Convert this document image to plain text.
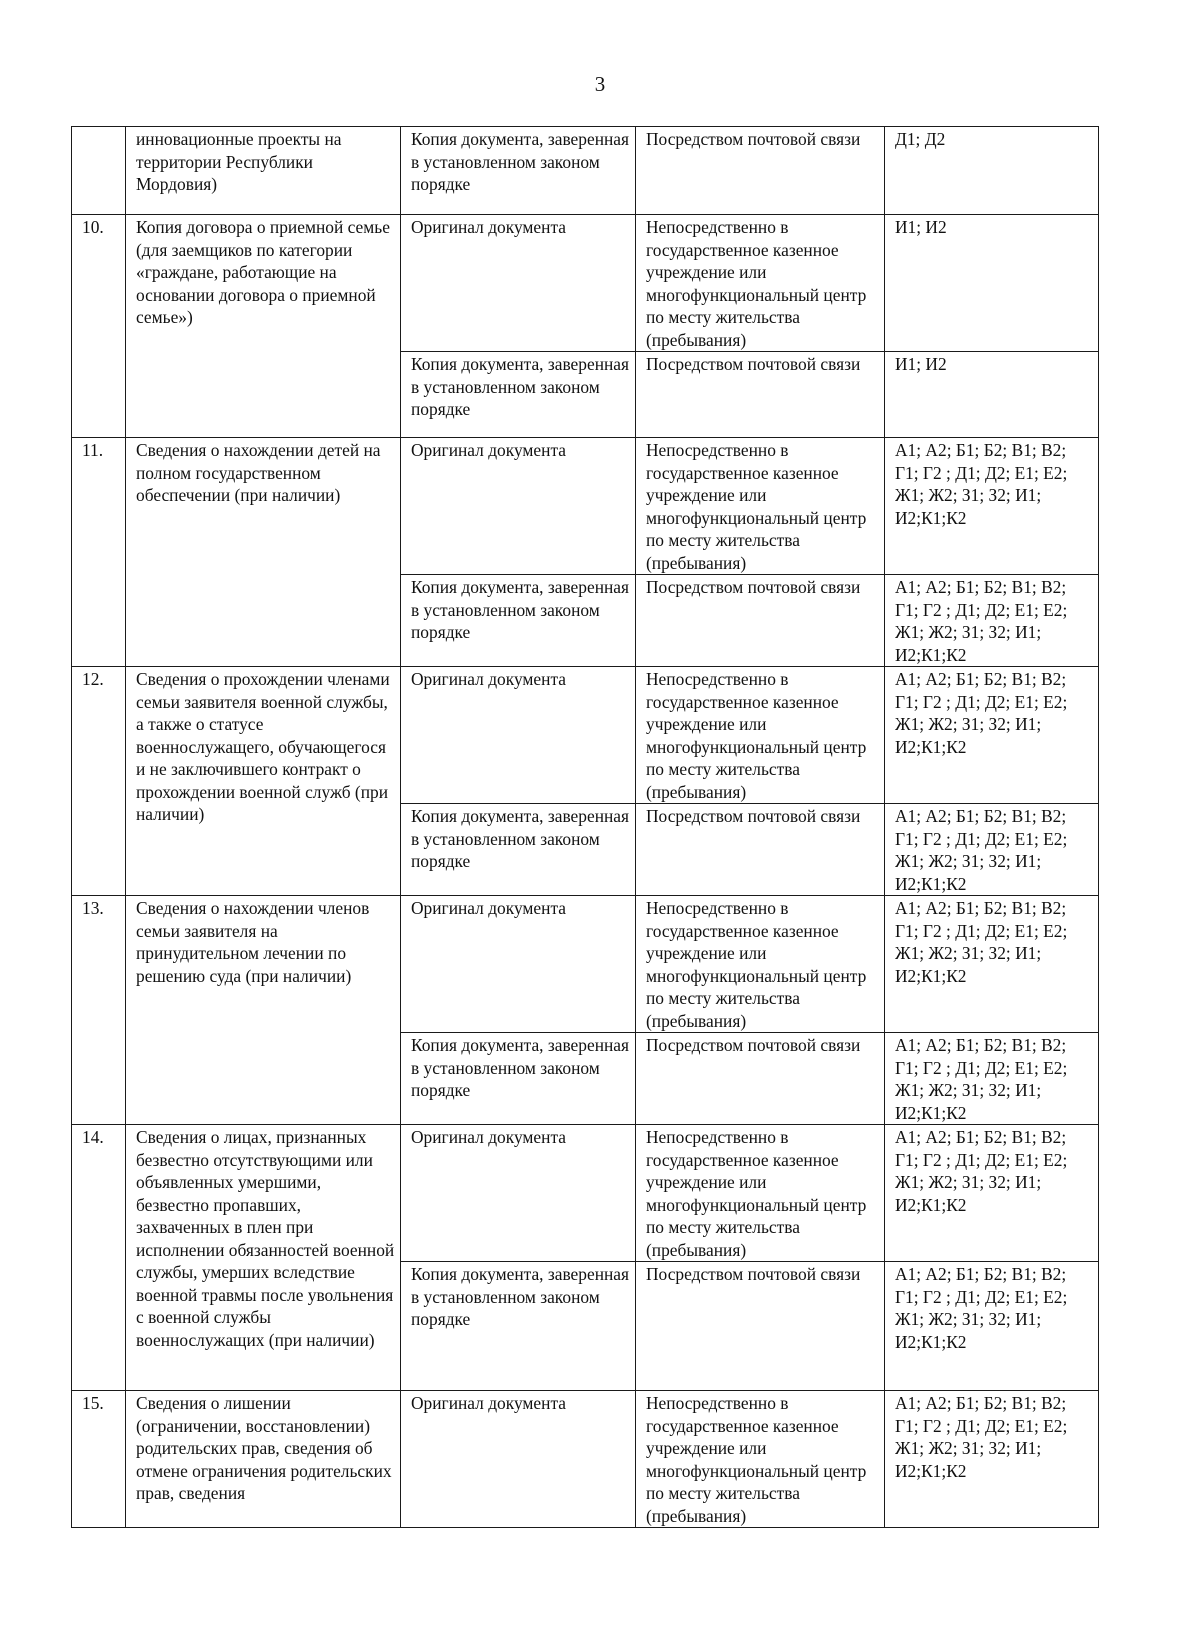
3
	инновационные проекты на территории Республики Мордовия)	Копия документа, заверенная в установленном законом порядке	Посредством почтовой связи	Д1; Д2
10.	Копия договора о приемной семье (для заемщиков по категории «граждане, работающие на основании договора о приемной семье»)	Оригинал документа	Непосредственно в государственное казенное учреждение или многофункциональный центр по месту жительства (пребывания)	И1; И2
		Копия документа, заверенная в установленном законом порядке	Посредством почтовой связи	И1; И2
11.	Сведения о нахождении детей на полном государственном обеспечении (при наличии)	Оригинал документа	Непосредственно в государственное казенное учреждение или многофункциональный центр по месту жительства (пребывания)	А1; А2; Б1; Б2; В1; В2; Г1; Г2 ; Д1; Д2; Е1; Е2; Ж1; Ж2; З1; З2; И1; И2;К1;К2
		Копия документа, заверенная в установленном законом порядке	Посредством почтовой связи	А1; А2; Б1; Б2; В1; В2; Г1; Г2 ; Д1; Д2; Е1; Е2; Ж1; Ж2; З1; З2; И1; И2;К1;К2
12.	Сведения о прохождении членами семьи заявителя военной службы, а также о статусе военнослужащего, обучающегося и не заключившего контракт о прохождении военной служб (при наличии)	Оригинал документа	Непосредственно в государственное казенное учреждение или многофункциональный центр по месту жительства (пребывания)	А1; А2; Б1; Б2; В1; В2; Г1; Г2 ; Д1; Д2; Е1; Е2; Ж1; Ж2; З1; З2; И1; И2;К1;К2
		Копия документа, заверенная в установленном законом порядке	Посредством почтовой связи	А1; А2; Б1; Б2; В1; В2; Г1; Г2 ; Д1; Д2; Е1; Е2; Ж1; Ж2; З1; З2; И1; И2;К1;К2
13.	Сведения о нахождении членов семьи заявителя на принудительном лечении по решению суда (при наличии)	Оригинал документа	Непосредственно в государственное казенное учреждение или многофункциональный центр по месту жительства (пребывания)	А1; А2; Б1; Б2; В1; В2; Г1; Г2 ; Д1; Д2; Е1; Е2; Ж1; Ж2; З1; З2; И1; И2;К1;К2
		Копия документа, заверенная в установленном законом порядке	Посредством почтовой связи	А1; А2; Б1; Б2; В1; В2; Г1; Г2 ; Д1; Д2; Е1; Е2; Ж1; Ж2; З1; З2; И1; И2;К1;К2
14.	Сведения о лицах, признанных безвестно отсутствующими или объявленных умершими, безвестно пропавших, захваченных в плен при исполнении обязанностей военной службы, умерших вследствие военной травмы после увольнения с военной службы военнослужащих (при наличии)	Оригинал документа	Непосредственно в государственное казенное учреждение или многофункциональный центр по месту жительства (пребывания)	А1; А2; Б1; Б2; В1; В2; Г1; Г2 ; Д1; Д2; Е1; Е2; Ж1; Ж2; З1; З2; И1; И2;К1;К2
		Копия документа, заверенная в установленном законом порядке	Посредством почтовой связи	А1; А2; Б1; Б2; В1; В2; Г1; Г2 ; Д1; Д2; Е1; Е2; Ж1; Ж2; З1; З2; И1; И2;К1;К2
15.	Сведения о лишении (ограничении, восстановлении) родительских прав, сведения об отмене ограничения родительских прав, сведения	Оригинал документа	Непосредственно в государственное казенное учреждение или многофункциональный центр по месту жительства (пребывания)	А1; А2; Б1; Б2; В1; В2; Г1; Г2 ; Д1; Д2; Е1; Е2; Ж1; Ж2; З1; З2; И1; И2;К1;К2
